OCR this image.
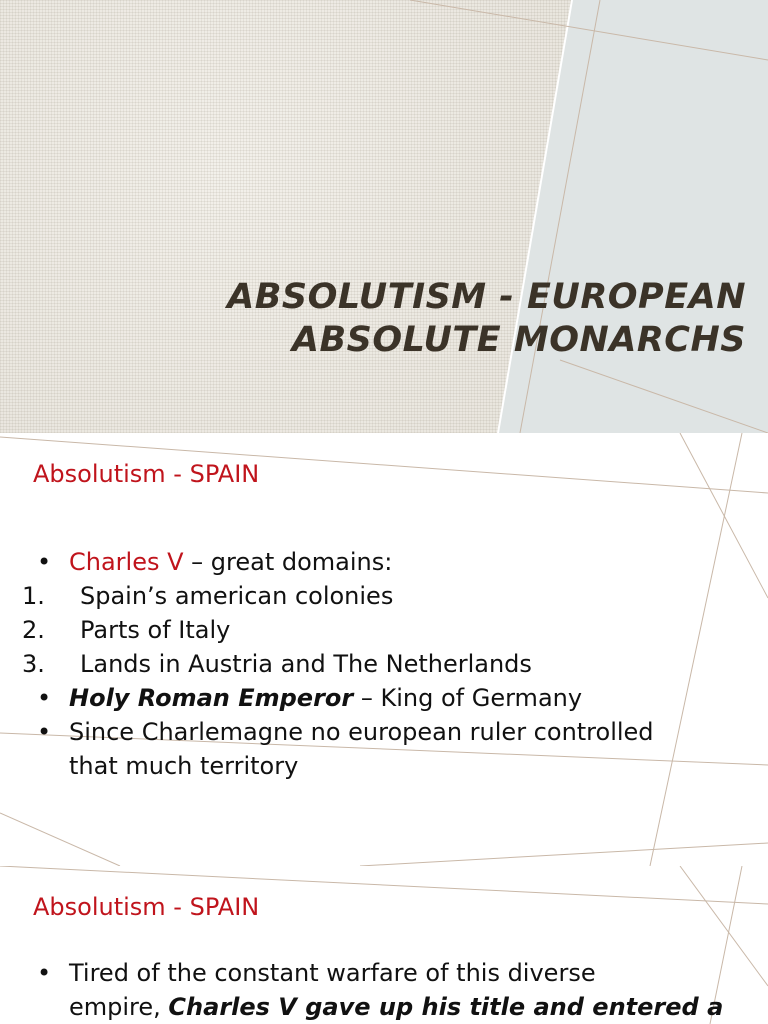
ABSOLUTISM - EUROPEAN
ABSOLUTE MONARCHS
Absolutism - SPAIN
• Charles V – great domains:
1. Spain’s american colonies
2. Parts of Italy
3. Lands in Austria and The Netherlands
• Holy Roman Emperor – King of Germany
• Since Charlemagne no european ruler controlled
that much territory
Absolutism - SPAIN
• Tired of the constant warfare of this diverse
empire, Charles V gave up his title and entered a
